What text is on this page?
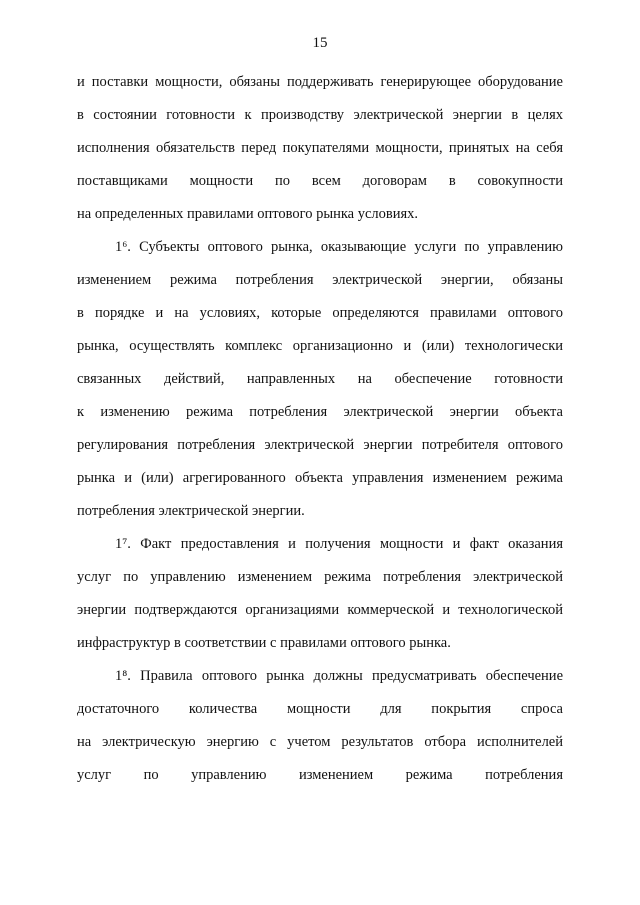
15
и поставки мощности, обязаны поддерживать генерирующее оборудование
в состоянии готовности к производству электрической энергии в целях
исполнения обязательств перед покупателями мощности, принятых на себя
поставщиками мощности по всем договорам в совокупности
на определенных правилами оптового рынка условиях.
1⁶. Субъекты оптового рынка, оказывающие услуги по управлению
изменением режима потребления электрической энергии, обязаны
в порядке и на условиях, которые определяются правилами оптового
рынка, осуществлять комплекс организационно и (или) технологически
связанных действий, направленных на обеспечение готовности
к изменению режима потребления электрической энергии объекта
регулирования потребления электрической энергии потребителя оптового
рынка и (или) агрегированного объекта управления изменением режима
потребления электрической энергии.
1⁷. Факт предоставления и получения мощности и факт оказания
услуг по управлению изменением режима потребления электрической
энергии подтверждаются организациями коммерческой и технологической
инфраструктур в соответствии с правилами оптового рынка.
1⁸. Правила оптового рынка должны предусматривать обеспечение
достаточного количества мощности для покрытия спроса
на электрическую энергию с учетом результатов отбора исполнителей
услуг по управлению изменением режима потребления
